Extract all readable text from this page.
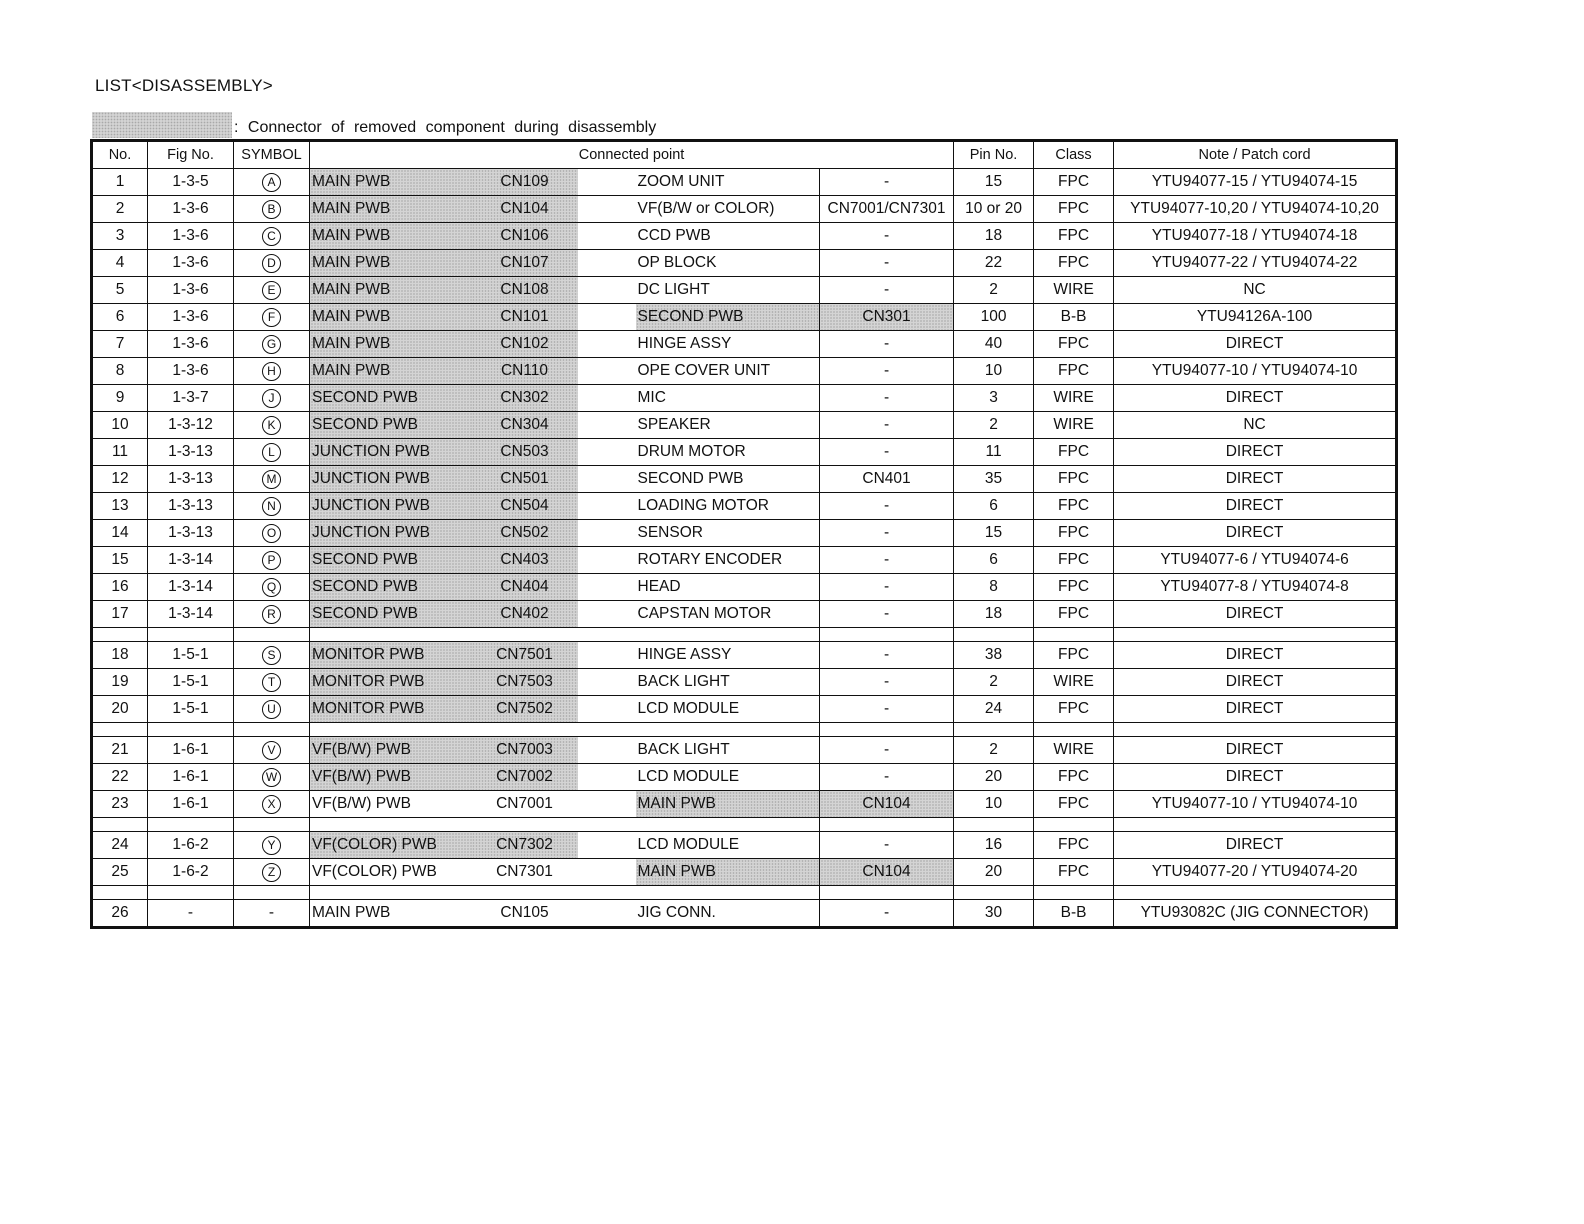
LIST<DISASSEMBLY>
: Connector of removed component during disassembly
No.	Fig No.	SYMBOL	Connected point					Pin No.	Class	Note / Patch cord
1	1-3-5	A	MAIN PWB	CN109		ZOOM UNIT	-	15	FPC	YTU94077-15 / YTU94074-15
2	1-3-6	B	MAIN PWB	CN104		VF(B/W or COLOR)	CN7001/CN7301	10 or 20	FPC	YTU94077-10,20 / YTU94074-10,20
3	1-3-6	C	MAIN PWB	CN106		CCD PWB	-	18	FPC	YTU94077-18 / YTU94074-18
4	1-3-6	D	MAIN PWB	CN107		OP BLOCK	-	22	FPC	YTU94077-22 / YTU94074-22
5	1-3-6	E	MAIN PWB	CN108		DC LIGHT	-	2	WIRE	NC
6	1-3-6	F	MAIN PWB	CN101		SECOND PWB	CN301	100	B-B	YTU94126A-100
7	1-3-6	G	MAIN PWB	CN102		HINGE ASSY	-	40	FPC	DIRECT
8	1-3-6	H	MAIN PWB	CN110		OPE COVER UNIT	-	10	FPC	YTU94077-10 / YTU94074-10
9	1-3-7	J	SECOND PWB	CN302		MIC	-	3	WIRE	DIRECT
10	1-3-12	K	SECOND PWB	CN304		SPEAKER	-	2	WIRE	NC
11	1-3-13	L	JUNCTION PWB	CN503		DRUM MOTOR	-	11	FPC	DIRECT
12	1-3-13	M	JUNCTION PWB	CN501		SECOND PWB	CN401	35	FPC	DIRECT
13	1-3-13	N	JUNCTION PWB	CN504		LOADING MOTOR	-	6	FPC	DIRECT
14	1-3-13	O	JUNCTION PWB	CN502		SENSOR	-	15	FPC	DIRECT
15	1-3-14	P	SECOND PWB	CN403		ROTARY ENCODER	-	6	FPC	YTU94077-6 / YTU94074-6
16	1-3-14	Q	SECOND PWB	CN404		HEAD	-	8	FPC	YTU94077-8 / YTU94074-8
17	1-3-14	R	SECOND PWB	CN402		CAPSTAN MOTOR	-	18	FPC	DIRECT

18	1-5-1	S	MONITOR PWB	CN7501		HINGE ASSY	-	38	FPC	DIRECT
19	1-5-1	T	MONITOR PWB	CN7503		BACK LIGHT	-	2	WIRE	DIRECT
20	1-5-1	U	MONITOR PWB	CN7502		LCD MODULE	-	24	FPC	DIRECT

21	1-6-1	V	VF(B/W) PWB	CN7003		BACK LIGHT	-	2	WIRE	DIRECT
22	1-6-1	W	VF(B/W) PWB	CN7002		LCD MODULE	-	20	FPC	DIRECT
23	1-6-1	X	VF(B/W) PWB	CN7001		MAIN PWB	CN104	10	FPC	YTU94077-10 / YTU94074-10

24	1-6-2	Y	VF(COLOR) PWB	CN7302		LCD MODULE	-	16	FPC	DIRECT
25	1-6-2	Z	VF(COLOR) PWB	CN7301		MAIN PWB	CN104	20	FPC	YTU94077-20 / YTU94074-20

26	-	-	MAIN PWB	CN105		JIG CONN.	-	30	B-B	YTU93082C (JIG CONNECTOR)
